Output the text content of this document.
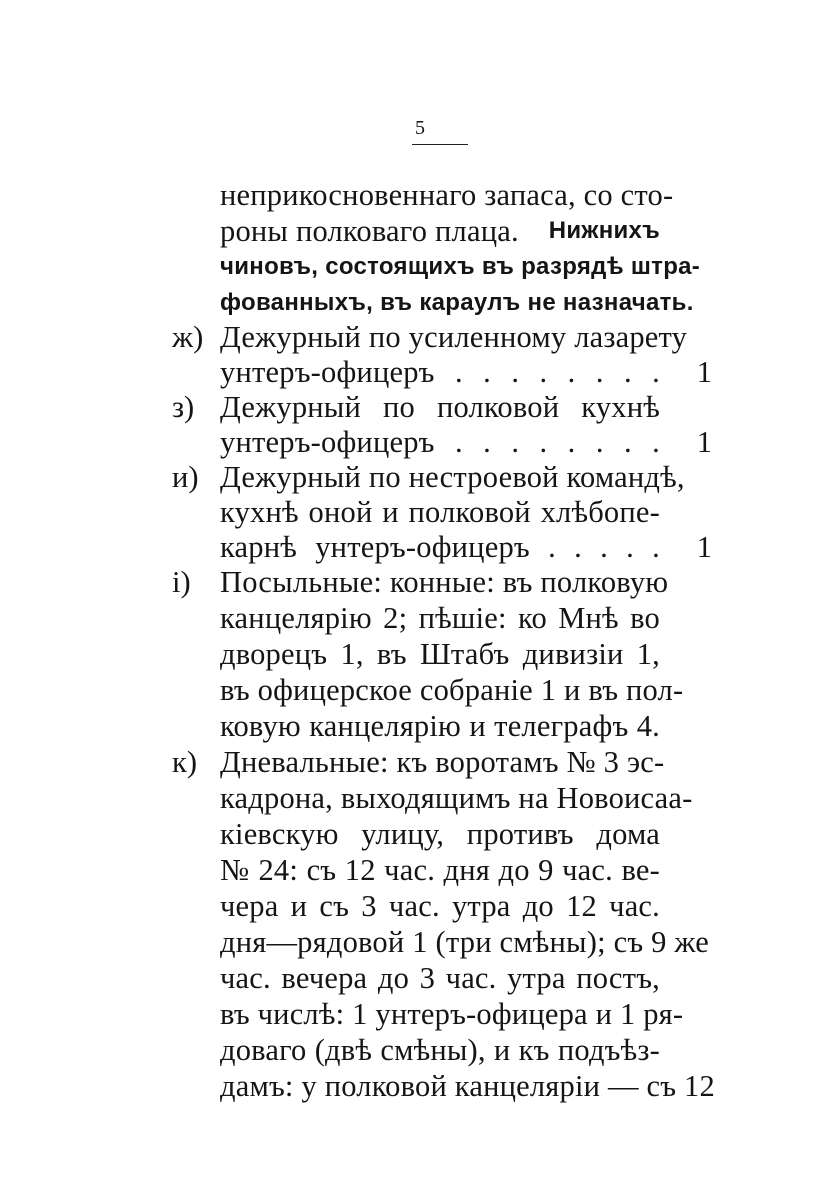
5
неприкосновеннаго запаса, со сто-
роны полковаго плаца. Нижнихъ
чиновъ, состоящихъ въ разрядѣ штра-
фованныхъ, въ караулъ не назначать.
ж) Дежурный по усиленному лазарету
унтеръ-офицеръ . . . . . . . .	1
з) Дежурный по полковой кухнѣ
унтеръ-офицеръ . . . . . . . .	1
и) Дежурный по нестроевой командѣ,
кухнѣ оной и полковой хлѣбопе-
карнѣ унтеръ-офицеръ . . . . .	1
і) Посыльные: конные: въ полковую
канцелярію 2; пѣшіе: ко Мнѣ во
дворецъ 1, въ Штабъ дивизіи 1,
въ офицерское собраніе 1 и въ пол-
ковую канцелярію и телеграфъ 4.
к) Дневальные: къ воротамъ № 3 эс-
кадрона, выходящимъ на Новоисаа-
кіевскую улицу, противъ дома
№ 24: съ 12 час. дня до 9 час. ве-
чера и съ 3 час. утра до 12 час.
дня—рядовой 1 (три смѣны); съ 9 же
час. вечера до 3 час. утра постъ,
въ числѣ: 1 унтеръ-офицера и 1 ря-
доваго (двѣ смѣны), и къ подъѣз-
дамъ: у полковой канцеляріи — съ 12
